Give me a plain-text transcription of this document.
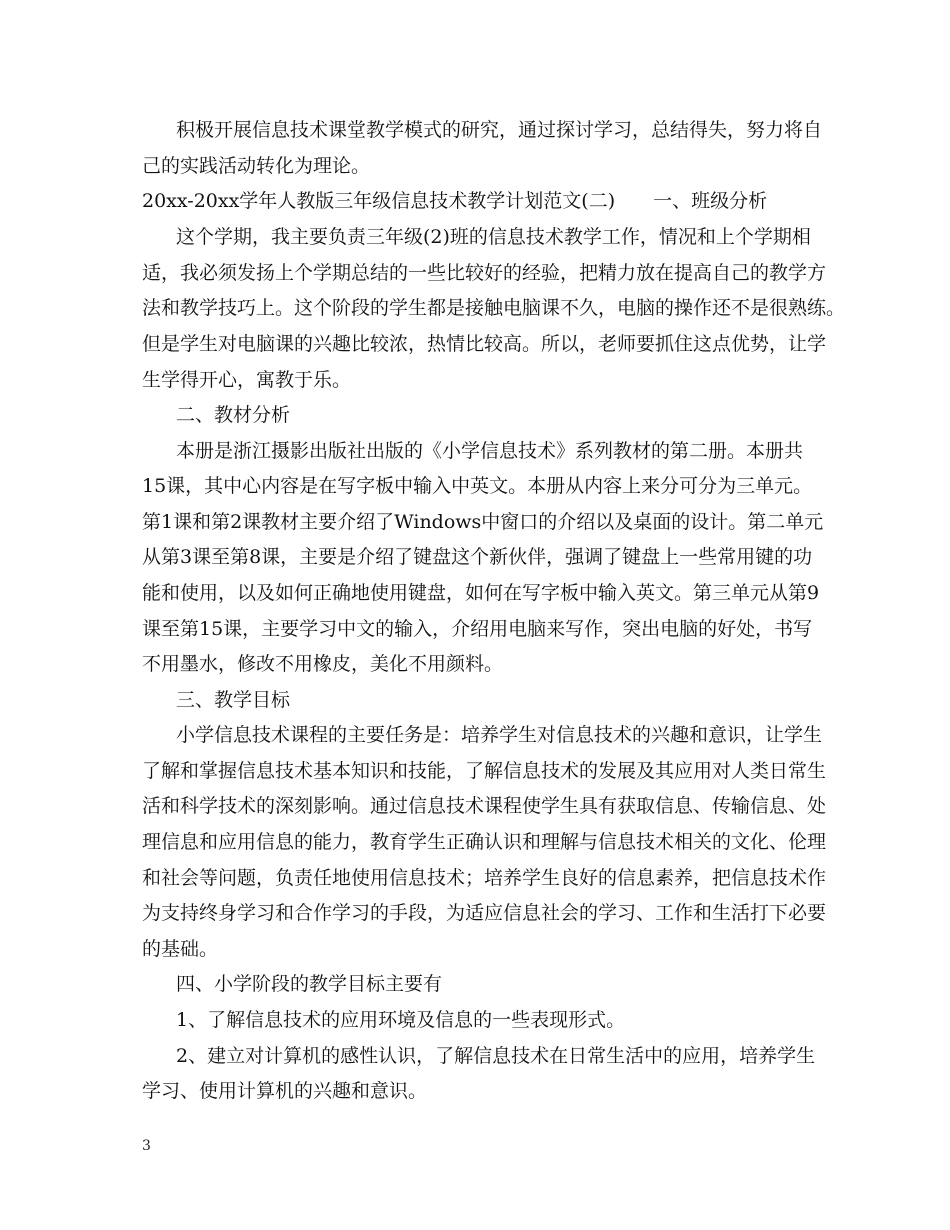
积极开展信息技术课堂教学模式的研究，通过探讨学习，总结得失，努力将自
己的实践活动转化为理论。
20xx-20xx学年人教版三年级信息技术教学计划范文(二)　　一、班级分析
这个学期，我主要负责三年级(2)班的信息技术教学工作，情况和上个学期相
适，我必须发扬上个学期总结的一些比较好的经验，把精力放在提高自己的教学方
法和教学技巧上。这个阶段的学生都是接触电脑课不久，电脑的操作还不是很熟练。
但是学生对电脑课的兴趣比较浓，热情比较高。所以，老师要抓住这点优势，让学
生学得开心，寓教于乐。
二、教材分析
本册是浙江摄影出版社出版的《小学信息技术》系列教材的第二册。本册共
15课，其中心内容是在写字板中输入中英文。本册从内容上来分可分为三单元。
第1课和第2课教材主要介绍了Windows中窗口的介绍以及桌面的设计。第二单元
从第3课至第8课，主要是介绍了键盘这个新伙伴，强调了键盘上一些常用键的功
能和使用，以及如何正确地使用键盘，如何在写字板中输入英文。第三单元从第9
课至第15课，主要学习中文的输入，介绍用电脑来写作，突出电脑的好处，书写
不用墨水，修改不用橡皮，美化不用颜料。
三、教学目标
小学信息技术课程的主要任务是：培养学生对信息技术的兴趣和意识，让学生
了解和掌握信息技术基本知识和技能，了解信息技术的发展及其应用对人类日常生
活和科学技术的深刻影响。通过信息技术课程使学生具有获取信息、传输信息、处
理信息和应用信息的能力，教育学生正确认识和理解与信息技术相关的文化、伦理
和社会等问题，负责任地使用信息技术；培养学生良好的信息素养，把信息技术作
为支持终身学习和合作学习的手段，为适应信息社会的学习、工作和生活打下必要
的基础。
四、小学阶段的教学目标主要有
1、了解信息技术的应用环境及信息的一些表现形式。
2、建立对计算机的感性认识，了解信息技术在日常生活中的应用，培养学生
学习、使用计算机的兴趣和意识。
3
